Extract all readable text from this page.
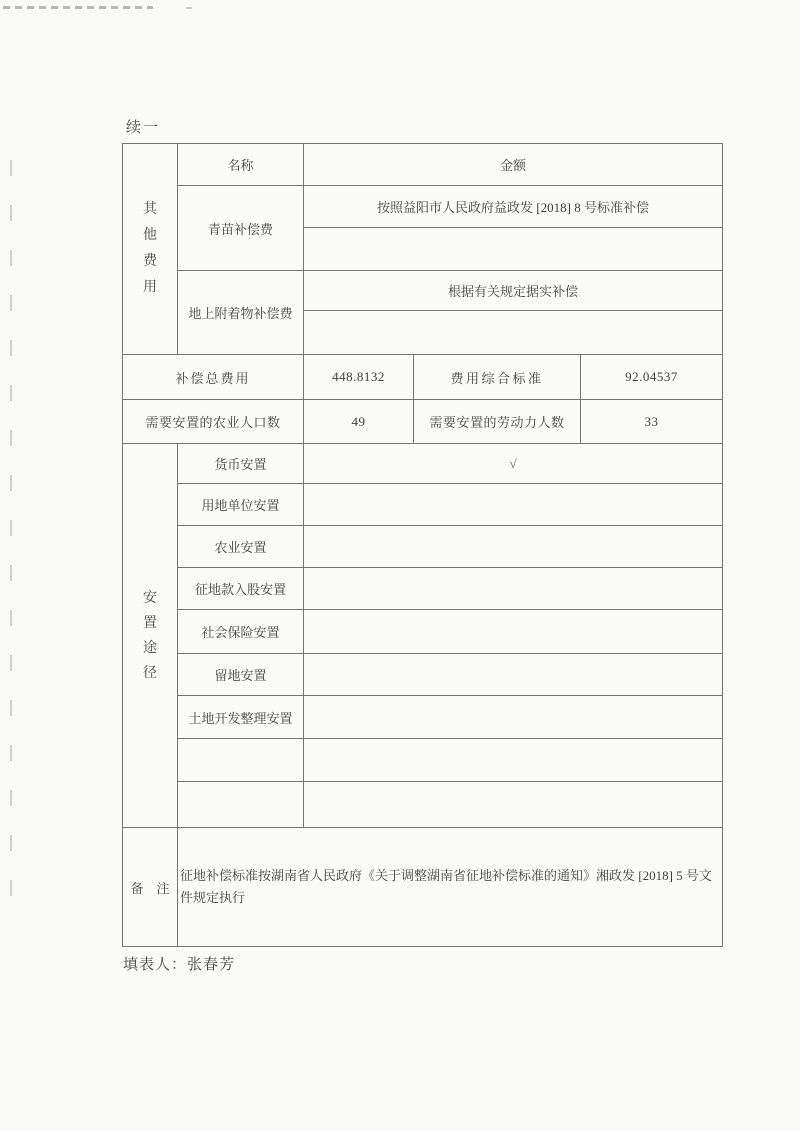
续一
其他费用	名称	金额		
	青苗补偿费	按照益阳市人民政府益政发 [2018] 8 号标准补偿		

	地上附着物补偿费	根据有关规定据实补偿		

补偿总费用		448.8132	费用综合标准	92.04537
需要安置的农业人口数		49	需要安置的劳动力人数	33
安置途径	货币安置	√		
	用地单位安置			
	农业安置			
	征地款入股安置			
	社会保险安置			
	留地安置			
	土地开发整理安置			

备　注	征地补偿标准按湖南省人民政府《关于调整湖南省征地补偿标准的通知》湘政发 [2018] 5 号文件规定执行			
填表人：张春芳
